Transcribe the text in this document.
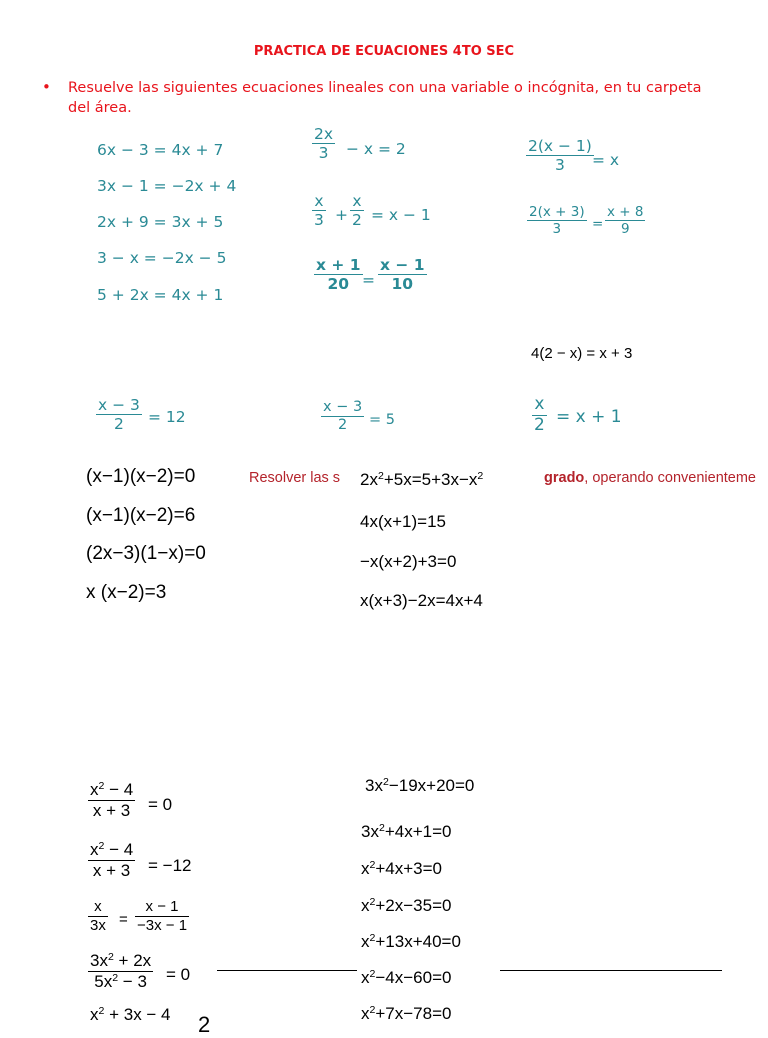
PRACTICA DE ECUACIONES 4TO SEC
• Resuelve las siguientes ecuaciones lineales con una variable o incógnita, en tu carpeta del área.
6x − 3 = 4x + 7
3x − 1 = −2x + 4
2x + 9 = 3x + 5
3 − x = −2x − 5
5 + 2x = 4x + 1
2x
3 − x = 2
x
3 +
x
2 = x − 1
x + 1
20 =
x − 1
10
2(x − 1)
3 = x
2(x + 3)
3 =
x + 8
9
4(2 − x) = x + 3
x − 3
2 = 12
x − 3
2 = 5
x
2 = x + 1
(x−1)(x−2)=0
(x−1)(x−2)=6
(2x−3)(1−x)=0
x (x−2)=3
Resolver las s	grado, operando convenienteme
$2x^2+5x=5+3x-x^2$
4x(x+1)=15
−x(x+2)+3=0
x(x+3)−2x=4x+4
$x^2 - 4$
x + 3 = 0
$x^2 - 4$
x + 3 = −12
x
3x =
x − 1
−3x − 1
$3x^2 + 2x$
$5x^2 - 3 = 0$
$x^2 + 3x - 4$ 2
$3x^2-19x+20=0$
$3x^2+4x+1=0$
$x^2+4x+3=0$
$x^2+2x-35=0$
$x^2+13x+40=0$
$x^2-4x-60=0$
$x^2+7x-78=0$
